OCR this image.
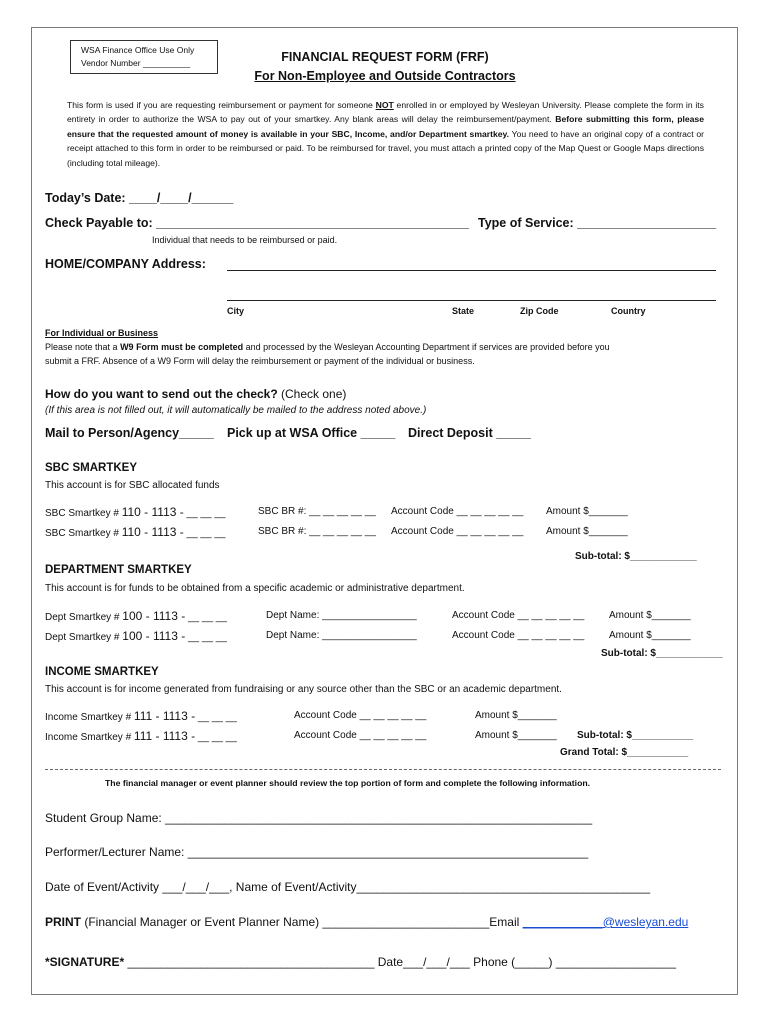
WSA Finance Office Use Only
Vendor Number __________	FINANCIAL REQUEST FORM (FRF)
For Non-Employee and Outside Contractors
This form is used if you are requesting reimbursement or payment for someone NOT enrolled in or employed by Wesleyan University. Please complete the form in its entirety in order to authorize the WSA to pay out of your smartkey. Any blank areas will delay the reimbursement/payment. Before submitting this form, please ensure that the requested amount of money is available in your SBC, Income, and/or Department smartkey. You need to have an original copy of a contract or receipt attached to this form in order to be reimbursed or paid. To be reimbursed for travel, you must attach a printed copy of the Map Quest or Google Maps directions (including total mileage).
Today’s Date: ____/____/______
Check Payable to: _____________________________________________ Type of Service: ____________________
Individual that needs to be reimbursed or paid.
HOME/COMPANY Address:
City	State	Zip Code	Country
For Individual or Business
Please note that a W9 Form must be completed and processed by the Wesleyan Accounting Department if services are provided before you
submit a FRF. Absence of a W9 Form will delay the reimbursement or payment of the individual or business.
How do you want to send out the check? (Check one)
(If this area is not filled out, it will automatically be mailed to the address noted above.)
Mail to Person/Agency_____ Pick up at WSA Office _____ Direct Deposit _____
SBC SMARTKEY
This account is for SBC allocated funds
SBC Smartkey # 110 - 1113 - __ __ __	SBC BR #: __ __ __ __ __ Account Code __ __ __ __ __ Amount $_______
SBC Smartkey # 110 - 1113 - __ __ __	SBC BR #: __ __ __ __ __ Account Code __ __ __ __ __ Amount $_______
Sub-total: $____________
DEPARTMENT SMARTKEY
This account is for funds to be obtained from a specific academic or administrative department.
Dept Smartkey # 100 - 1113 - __ __ __	Dept Name: _________________	Account Code __ __ __ __ __ Amount $_______
Dept Smartkey # 100 - 1113 - __ __ __	Dept Name: _________________	Account Code __ __ __ __ __ Amount $_______
Sub-total: $____________
INCOME SMARTKEY
This account is for income generated from fundraising or any source other than the SBC or an academic department.
Income Smartkey # 111 - 1113 - __ __ __	Account Code __ __ __ __ __	Amount $_______
Income Smartkey # 111 - 1113 - __ __ __	Account Code __ __ __ __ __	Amount $_______ Sub-total: $___________
Grand Total: $___________
The financial manager or event planner should review the top portion of form and complete the following information.
Student Group Name: ________________________________________________________________
Performer/Lecturer Name: ____________________________________________________________
Date of Event/Activity ___/___/___, Name of Event/Activity____________________________________________
PRINT (Financial Manager or Event Planner Name) _________________________Email ____________@wesleyan.edu
*SIGNATURE* _____________________________________ Date___/___/___ Phone (_____) __________________
